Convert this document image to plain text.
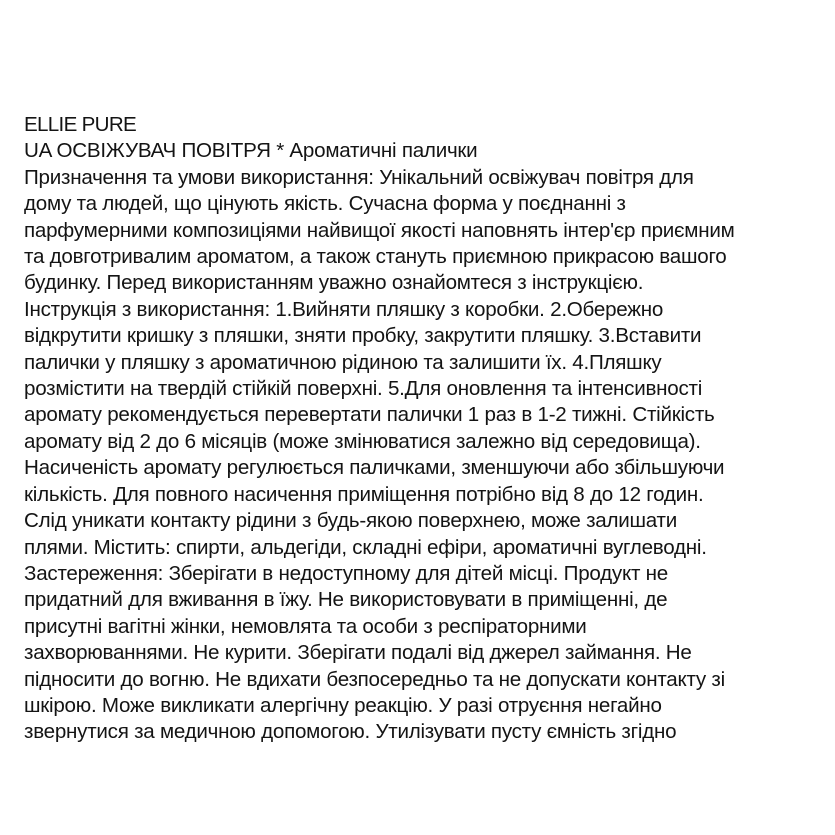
ELLIE PURE
UA ОСВІЖУВАЧ ПОВІТРЯ * Ароматичні палички
Призначення та умови використання: Унікальний освіжувач повітря для
дому та людей, що цінують якість. Сучасна форма у поєднанні з
парфумерними композиціями найвищої якості наповнять інтер'єр приємним
та довготривалим ароматом, а також стануть приємною прикрасою вашого
будинку. Перед використанням уважно ознайомтеся з інструкцією.
Інструкція з використання: 1.Вийняти пляшку з коробки. 2.Обережно
відкрутити кришку з пляшки, зняти пробку, закрутити пляшку. 3.Вставити
палички у пляшку з ароматичною рідиною та залишити їх. 4.Пляшку
розмістити на твердій стійкій поверхні. 5.Для оновлення та інтенсивності
аромату рекомендується перевертати палички 1 раз в 1-2 тижні. Стійкість
аромату від 2 до 6 місяців (може змінюватися залежно від середовища).
Насиченість аромату регулюється паличками, зменшуючи або збільшуючи
кількість. Для повного насичення приміщення потрібно від 8 до 12 годин.
Слід уникати контакту рідини з будь-якою поверхнею, може залишати
плями. Містить: спирти, альдегіди, складні ефіри, ароматичні вуглеводні.
Застереження: Зберігати в недоступному для дітей місці. Продукт не
придатний для вживання в їжу. Не використовувати в приміщенні, де
присутні вагітні жінки, немовлята та особи з респіраторними
захворюваннями. Не курити. Зберігати подалі від джерел займання. Не
підносити до вогню. Не вдихати безпосередньо та не допускати контакту зі
шкірою. Може викликати алергічну реакцію. У разі отруєння негайно
звернутися за медичною допомогою. Утилізувати пусту ємність згідно
